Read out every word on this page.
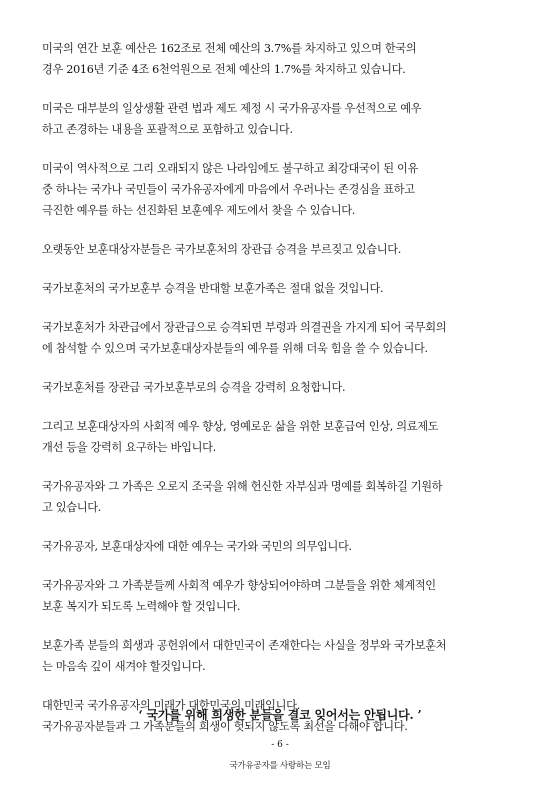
미국의 연간 보훈 예산은 162조로 전체 예산의 3.7%를 차지하고 있으며 한국의
경우 2016년 기준 4조 6천억원으로 전체 예산의 1.7%를 차지하고 있습니다.

미국은 대부분의 일상생활 관련 법과 제도 제정 시 국가유공자를 우선적으로 예우
하고 존경하는 내용을 포괄적으로 포함하고 있습니다.

미국이 역사적으로 그리 오래되지 않은 나라임에도 불구하고 최강대국이 된 이유
중 하나는 국가나 국민들이 국가유공자에게 마음에서 우러나는 존경심을 표하고
극진한 예우를 하는 선진화된 보훈예우 제도에서 찾을 수 있습니다.

오랫동안 보훈대상자분들은 국가보훈처의 장관급 승격을 부르짖고 있습니다.

국가보훈처의 국가보훈부 승격을 반대할 보훈가족은 절대 없을 것입니다.

국가보훈처가 차관급에서 장관급으로 승격되면 부령과 의결권을 가지게 되어 국무회의
에 참석할 수 있으며 국가보훈대상자분들의 예우를 위해 더욱 힘을 쓸 수 있습니다.

국가보훈처를 장관급 국가보훈부로의 승격을 강력히 요청합니다.

그리고 보훈대상자의 사회적 예우 향상, 영예로운 삶을 위한 보훈급여 인상, 의료제도
개선 등을 강력히 요구하는 바입니다.

국가유공자와 그 가족은 오로지 조국을 위해 헌신한 자부심과 명예를 회복하길 기원하
고 있습니다.

국가유공자, 보훈대상자에 대한 예우는 국가와 국민의 의무입니다.

국가유공자와 그 가족분들께 사회적 예우가 향상되어야하며 그분들을 위한 체계적인
보훈 복지가 되도록 노력해야 할 것입니다.

보훈가족 분들의 희생과 공헌위에서 대한민국이 존재한다는 사실을 정부와 국가보훈처
는 마음속 깊이 새겨야 할것입니다.

대한민국 국가유공자의 미래가 대한민국의 미래입니다.
국가유공자분들과 그 가족분들의 희생이 헛되지 않도록 최선을 다해야 합니다.

‘ 국가를 위해 희생한 분들을 결코 잊어서는 안됩니다. ’
- 6 -
국가유공자를 사랑하는 모임
